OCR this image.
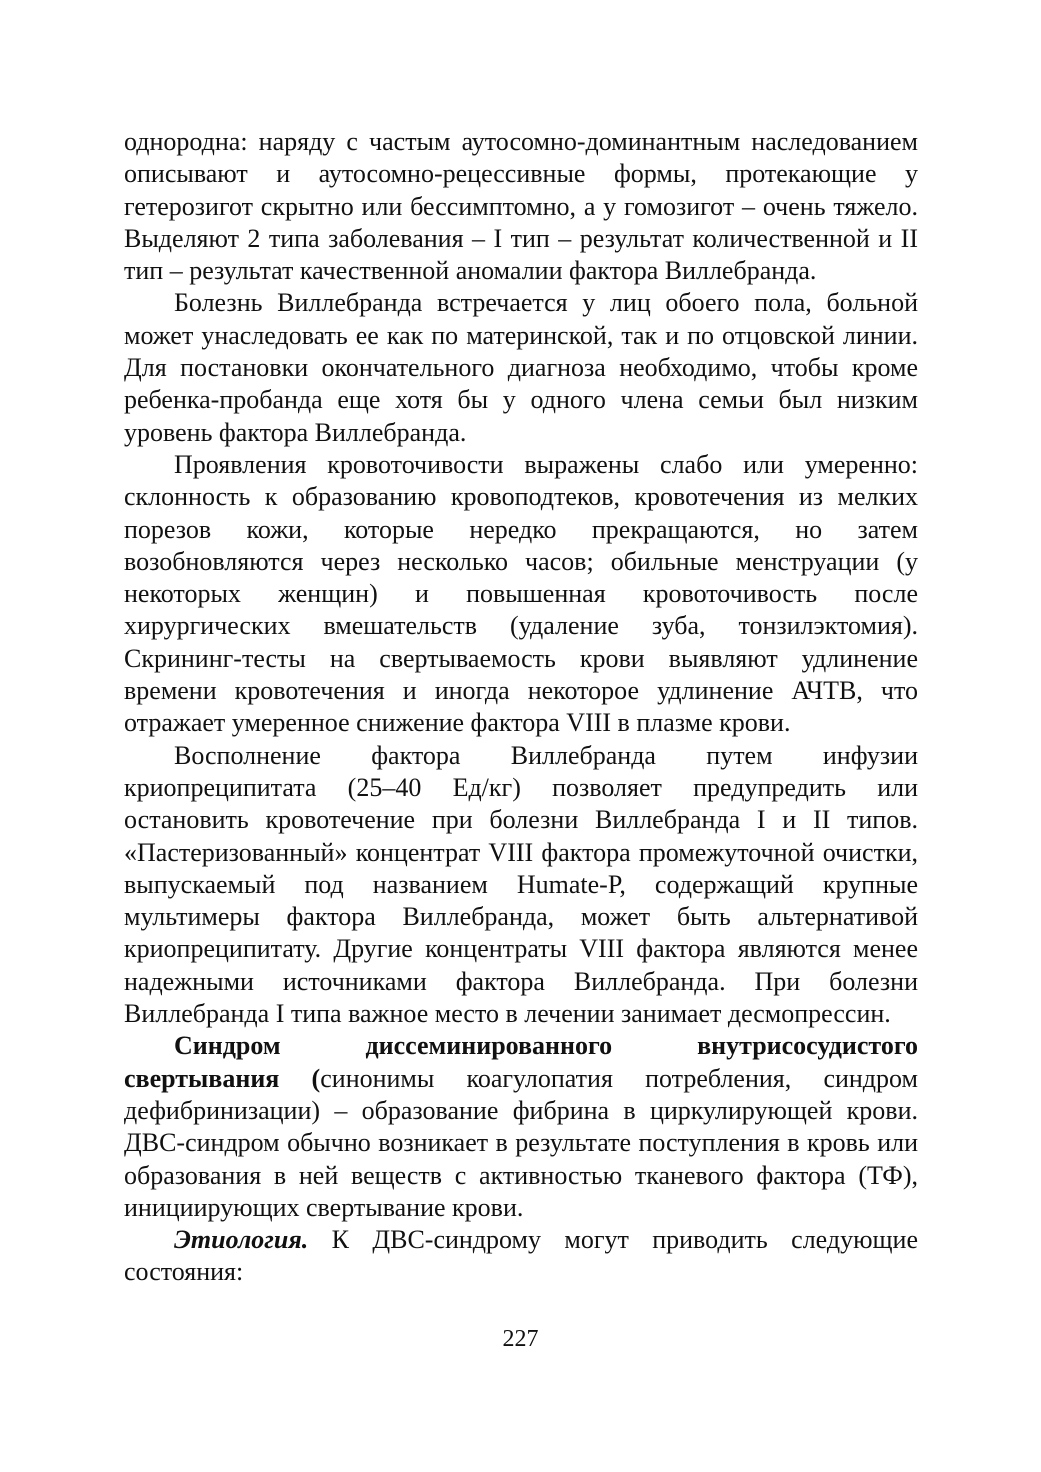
однородна: наряду с частым аутосомно-доминантным наследованием описывают и аутосомно-рецессивные формы, протекающие у гетерозигот скрытно или бессимптомно, а у гомозигот – очень тяжело. Выделяют 2 типа заболевания – I тип – результат количественной и II тип – результат качественной аномалии фактора Виллебранда.

Болезнь Виллебранда встречается у лиц обоего пола, больной может унаследовать ее как по материнской, так и по отцовской линии. Для постановки окончательного диагноза необходимо, чтобы кроме ребенка-пробанда еще хотя бы у одного члена семьи был низким уровень фактора Виллебранда.

Проявления кровоточивости выражены слабо или умеренно: склонность к образованию кровоподтеков, кровотечения из мелких порезов кожи, которые нередко прекращаются, но затем возобновляются через несколько часов; обильные менструации (у некоторых женщин) и повышенная кровоточивость после хирургических вмешательств (удаление зуба, тонзилэктомия). Скрининг-тесты на свертываемость крови выявляют удлинение времени кровотечения и иногда некоторое удлинение АЧТВ, что отражает умеренное снижение фактора VIII в плазме крови.

Восполнение фактора Виллебранда путем инфузии криопреципитата (25–40 Ед/кг) позволяет предупредить или остановить кровотечение при болезни Виллебранда I и II типов. «Пастеризованный» концентрат VIII фактора промежуточной очистки, выпускаемый под названием Humate-P, содержащий крупные мультимеры фактора Виллебранда, может быть альтернативой криопреципитату. Другие концентраты VIII фактора являются менее надежными источниками фактора Виллебранда. При болезни Виллебранда I типа важное место в лечении занимает десмопрессин.

Синдром диссеминированного внутрисосудистого свертывания (синонимы коагулопатия потребления, синдром дефибринизации) – образование фибрина в циркулирующей крови. ДВС-синдром обычно возникает в результате поступления в кровь или образования в ней веществ с активностью тканевого фактора (ТФ), инициирующих свертывание крови.

Этиология. К ДВС-синдрому могут приводить следующие состояния:

227
